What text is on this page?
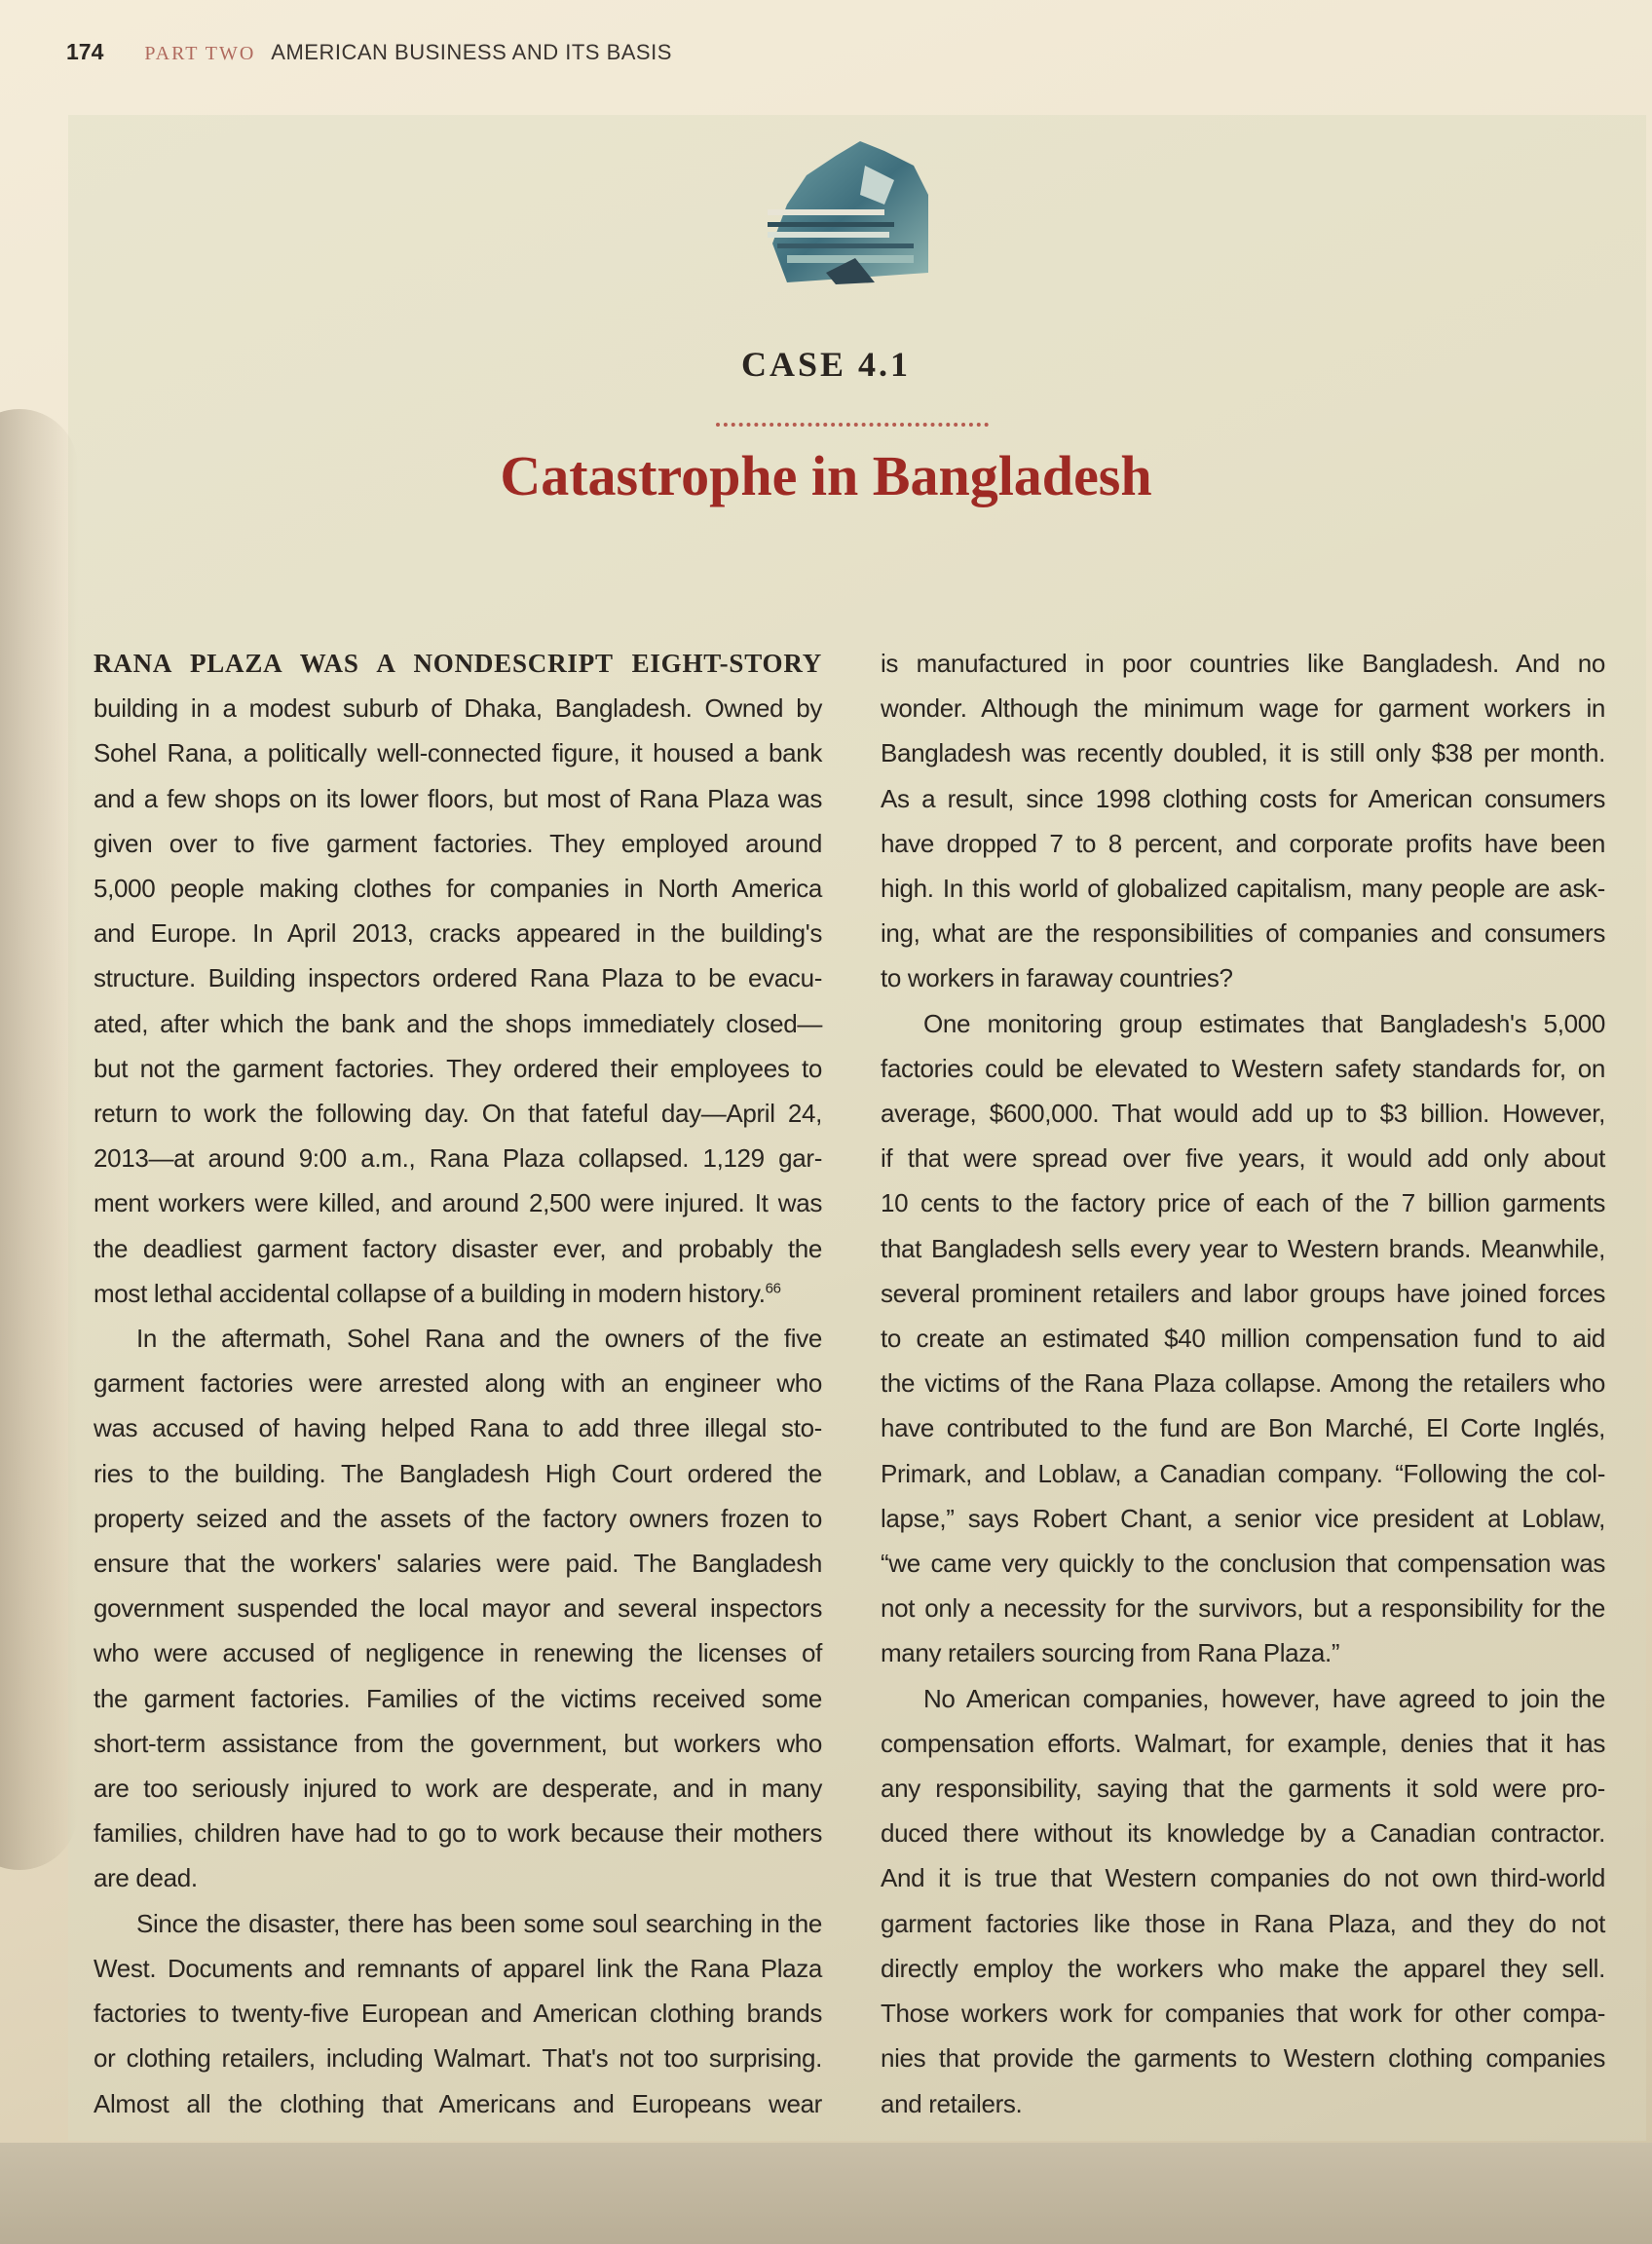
174 PART TWO AMERICAN BUSINESS AND ITS BASIS
CASE 4.1
Catastrophe in Bangladesh
RANA PLAZA WAS A NONDESCRIPT EIGHT-STORY
building in a modest suburb of Dhaka, Bangladesh. Owned by
Sohel Rana, a politically well-connected figure, it housed a bank
and a few shops on its lower floors, but most of Rana Plaza was
given over to five garment factories. They employed around
5,000 people making clothes for companies in North America
and Europe. In April 2013, cracks appeared in the building's
structure. Building inspectors ordered Rana Plaza to be evacu-
ated, after which the bank and the shops immediately closed—
but not the garment factories. They ordered their employees to
return to work the following day. On that fateful day—April 24,
2013—at around 9:00 a.m., Rana Plaza collapsed. 1,129 gar-
ment workers were killed, and around 2,500 were injured. It was
the deadliest garment factory disaster ever, and probably the
most lethal accidental collapse of a building in modern history.$^{66}$
In the aftermath, Sohel Rana and the owners of the five
garment factories were arrested along with an engineer who
was accused of having helped Rana to add three illegal sto-
ries to the building. The Bangladesh High Court ordered the
property seized and the assets of the factory owners frozen to
ensure that the workers' salaries were paid. The Bangladesh
government suspended the local mayor and several inspectors
who were accused of negligence in renewing the licenses of
the garment factories. Families of the victims received some
short-term assistance from the government, but workers who
are too seriously injured to work are desperate, and in many
families, children have had to go to work because their mothers
are dead.
Since the disaster, there has been some soul searching in the
West. Documents and remnants of apparel link the Rana Plaza
factories to twenty-five European and American clothing brands
or clothing retailers, including Walmart. That's not too surprising.
Almost all the clothing that Americans and Europeans wear
is manufactured in poor countries like Bangladesh. And no
wonder. Although the minimum wage for garment workers in
Bangladesh was recently doubled, it is still only $38 per month.
As a result, since 1998 clothing costs for American consumers
have dropped 7 to 8 percent, and corporate profits have been
high. In this world of globalized capitalism, many people are ask-
ing, what are the responsibilities of companies and consumers
to workers in faraway countries?
One monitoring group estimates that Bangladesh's 5,000
factories could be elevated to Western safety standards for, on
average, $600,000. That would add up to $3 billion. However,
if that were spread over five years, it would add only about
10 cents to the factory price of each of the 7 billion garments
that Bangladesh sells every year to Western brands. Meanwhile,
several prominent retailers and labor groups have joined forces
to create an estimated $40 million compensation fund to aid
the victims of the Rana Plaza collapse. Among the retailers who
have contributed to the fund are Bon Marché, El Corte Inglés,
Primark, and Loblaw, a Canadian company. “Following the col-
lapse,” says Robert Chant, a senior vice president at Loblaw,
“we came very quickly to the conclusion that compensation was
not only a necessity for the survivors, but a responsibility for the
many retailers sourcing from Rana Plaza.”
No American companies, however, have agreed to join the
compensation efforts. Walmart, for example, denies that it has
any responsibility, saying that the garments it sold were pro-
duced there without its knowledge by a Canadian contractor.
And it is true that Western companies do not own third-world
garment factories like those in Rana Plaza, and they do not
directly employ the workers who make the apparel they sell.
Those workers work for companies that work for other compa-
nies that provide the garments to Western clothing companies
and retailers.
